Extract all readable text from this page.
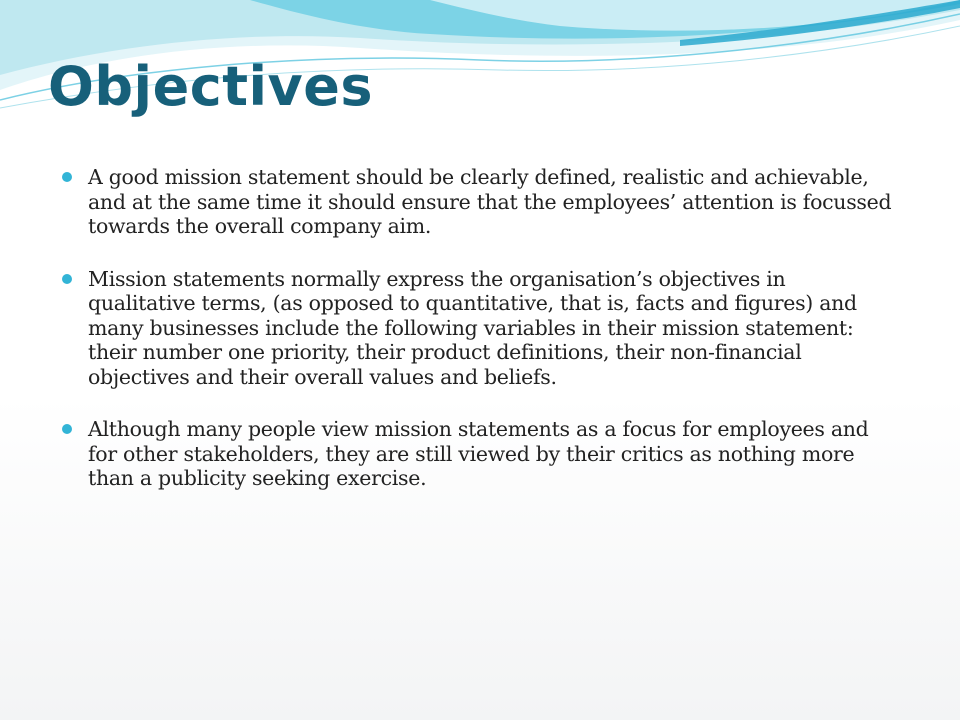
Objectives
A good mission statement should be clearly defined, realistic and achievable, and at the same time it should ensure that the employees’ attention is focussed towards the overall company aim.
Mission statements normally express the organisation’s objectives in qualitative terms, (as opposed to quantitative, that is, facts and figures) and many businesses include the following variables in their mission statement: their number one priority, their product definitions, their non-financial objectives and their overall values and beliefs.
Although many people view mission statements as a focus for employees and for other stakeholders, they are still viewed by their critics as nothing more than a publicity seeking exercise.
